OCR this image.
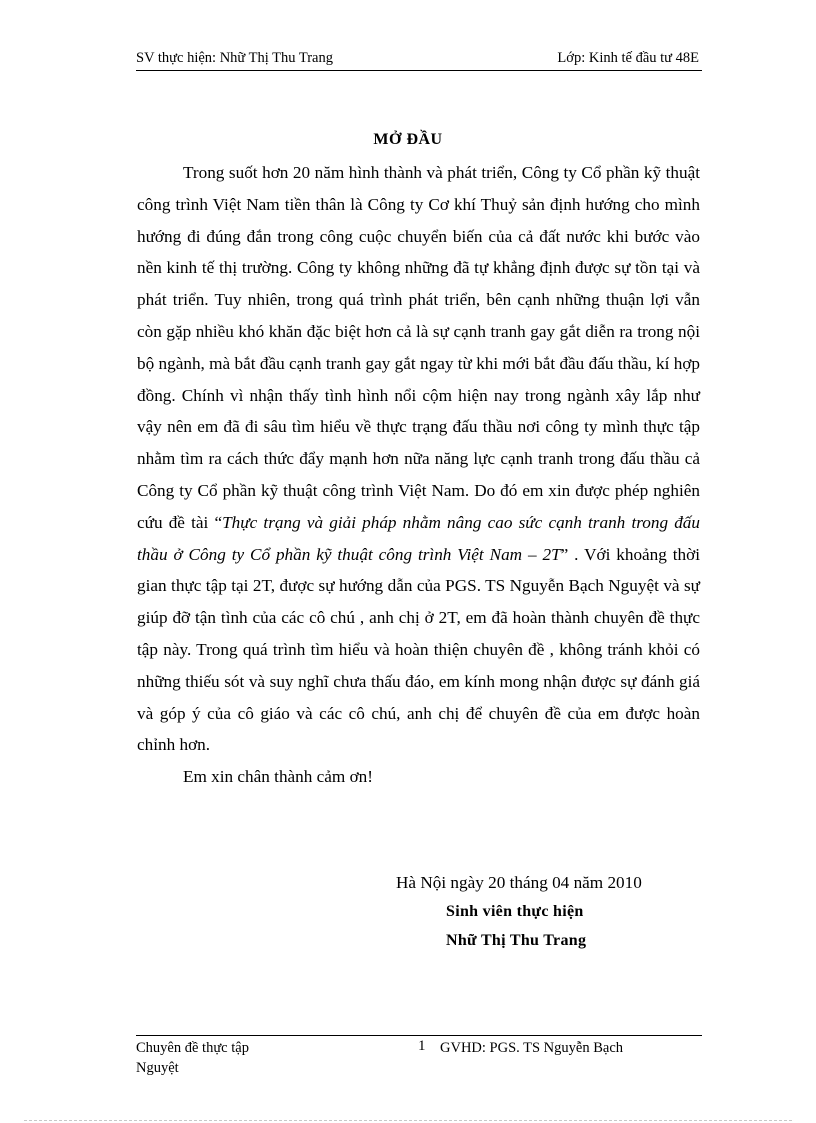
SV thực hiện: Nhữ Thị Thu Trang	Lớp: Kinh tế đầu tư 48E
MỞ ĐẦU

Trong suốt hơn 20 năm hình thành và phát triển, Công ty Cổ phần kỹ thuật công trình Việt Nam tiền thân là Công ty Cơ khí Thuỷ sản định hướng cho mình hướng đi đúng đắn trong công cuộc chuyển biến của cả đất nước khi bước vào nền kinh tế thị trường. Công ty không những đã tự khẳng định được sự tồn tại và phát triển. Tuy nhiên, trong quá trình phát triển, bên cạnh những thuận lợi vẫn còn gặp nhiều khó khăn đặc biệt hơn cả là sự cạnh tranh gay gắt diễn ra trong nội bộ ngành, mà bắt đầu cạnh tranh gay gắt ngay từ khi mới bắt đầu đấu thầu, kí hợp đồng. Chính vì nhận thấy tình hình nổi cộm hiện nay trong ngành xây lắp như vậy nên em đã đi sâu tìm hiểu về thực trạng đấu thầu nơi công ty mình thực tập nhằm tìm ra cách thức đẩy mạnh hơn nữa năng lực cạnh tranh trong đấu thầu cả Công ty Cổ phần kỹ thuật công trình Việt Nam. Do đó em xin được phép nghiên cứu đề tài “Thực trạng và giải pháp nhằm nâng cao sức cạnh tranh trong đấu thầu ở Công ty Cổ phần kỹ thuật công trình Việt Nam – 2T” . Với khoảng thời gian thực tập tại 2T, được sự hướng dẫn của PGS. TS Nguyễn Bạch Nguyệt và sự giúp đỡ tận tình của các cô chú , anh chị ở 2T, em đã hoàn thành chuyên đề thực tập này. Trong quá trình tìm hiểu và hoàn thiện chuyên đề , không tránh khỏi có những thiếu sót và suy nghĩ chưa thấu đáo, em kính mong nhận được sự đánh giá và góp ý của cô giáo và các cô chú, anh chị để chuyên đề của em được hoàn chỉnh hơn.

Em xin chân thành cảm ơn!

Hà Nội ngày 20 tháng 04 năm 2010
Sinh viên thực hiện
Nhữ Thị Thu Trang
Chuyên đề thực tập	1 GVHD: PGS. TS Nguyễn Bạch
Nguyệt
